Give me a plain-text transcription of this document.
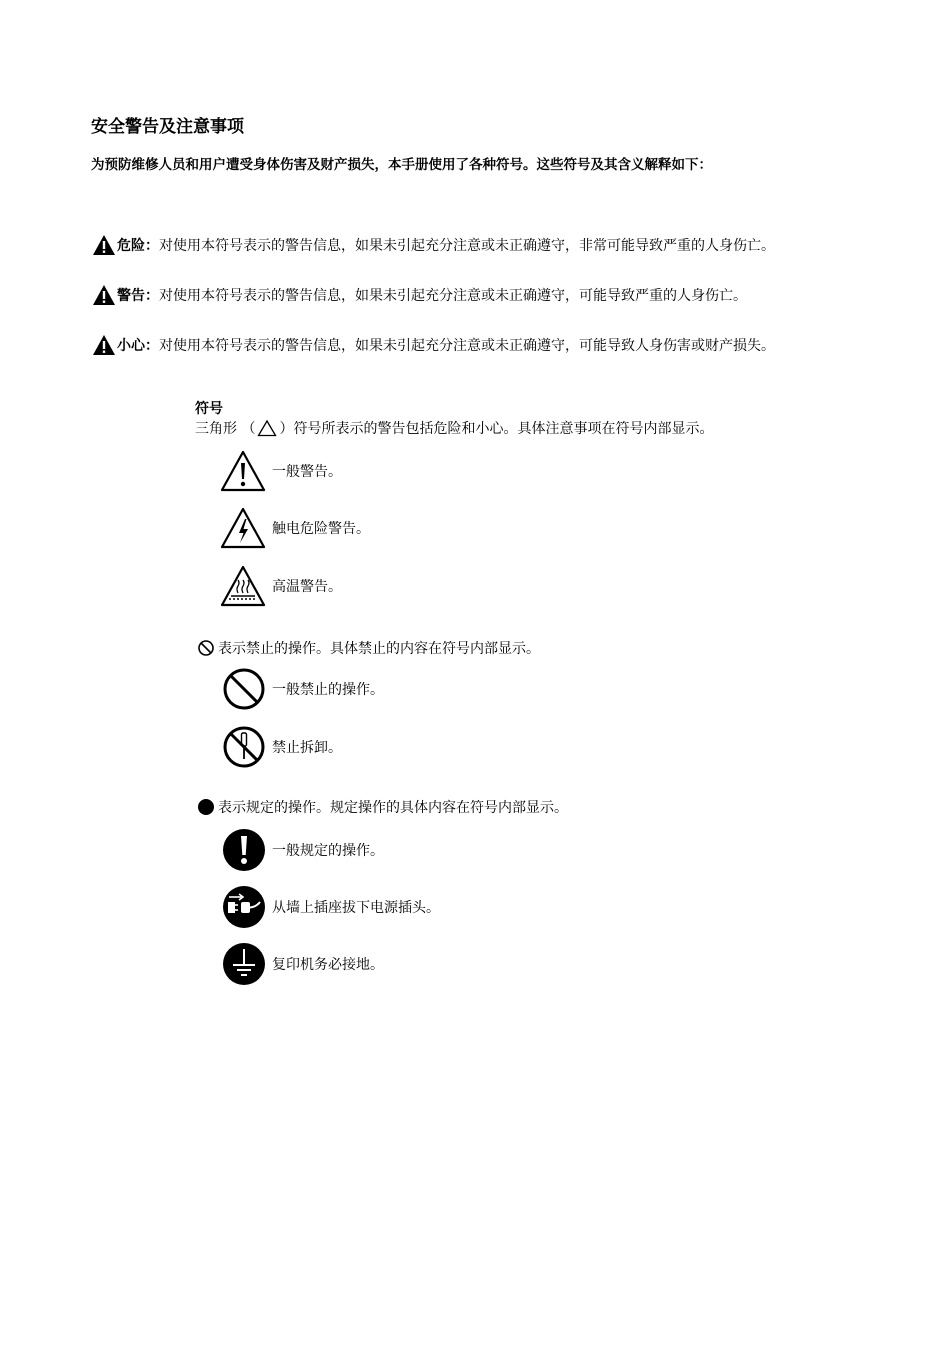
安全警告及注意事项
为预防维修人员和用户遭受身体伤害及财产损失，本手册使用了各种符号。这些符号及其含义解释如下：
危险： 对使用本符号表示的警告信息，如果未引起充分注意或未正确遵守，非常可能导致严重的人身伤亡。
警告： 对使用本符号表示的警告信息，如果未引起充分注意或未正确遵守，可能导致严重的人身伤亡。
小心： 对使用本符号表示的警告信息，如果未引起充分注意或未正确遵守，可能导致人身伤害或财产损失。
符号
三角形 （ ）符号所表示的警告包括危险和小心。具体注意事项在符号内部显示。
一般警告。
触电危险警告。
高温警告。
表示禁止的操作。具体禁止的内容在符号内部显示。
一般禁止的操作。
禁止拆卸。
表示规定的操作。规定操作的具体内容在符号内部显示。
一般规定的操作。
从墙上插座拔下电源插头。
复印机务必接地。
